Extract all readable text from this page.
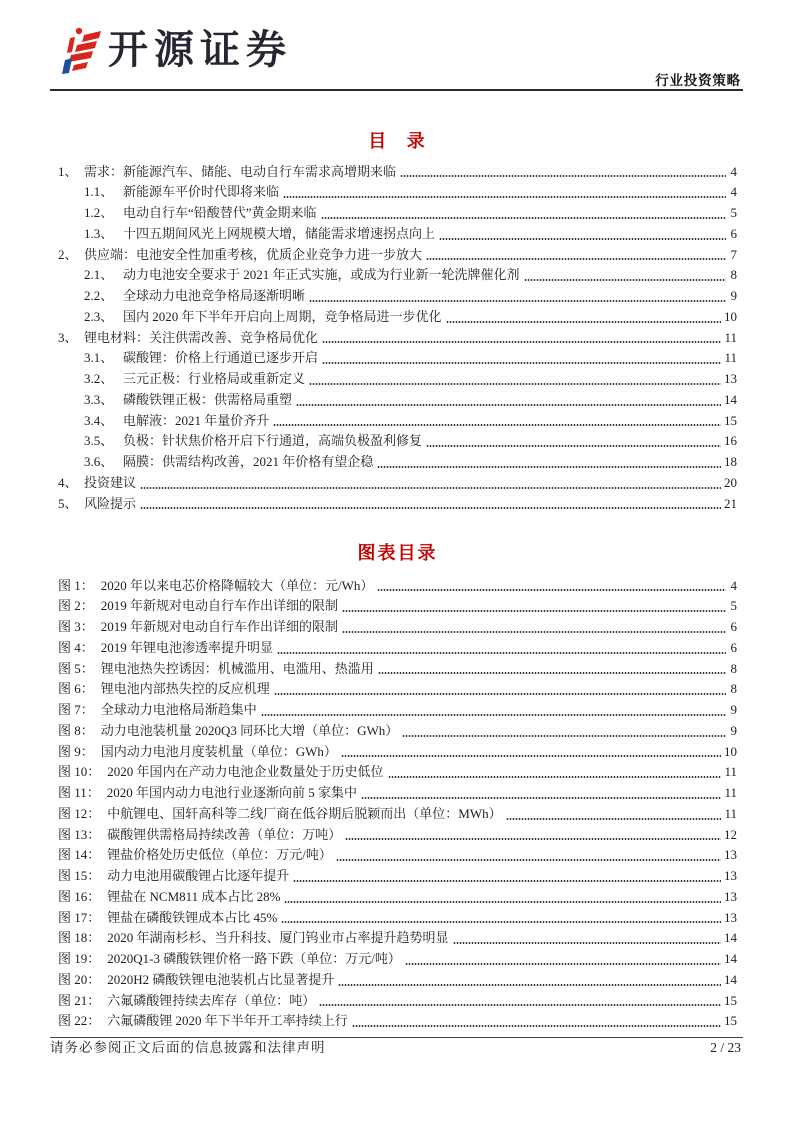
开源证券
行业投资策略
目 录
1、 需求：新能源汽车、储能、电动自行车需求高增期来临	4
1.1、 新能源车平价时代即将来临	4
1.2、 电动自行车“铅酸替代”黄金期来临	5
1.3、 十四五期间风光上网规模大增，储能需求增速拐点向上	6
2、 供应端：电池安全性加重考核，优质企业竞争力进一步放大	7
2.1、 动力电池安全要求于 2021 年正式实施，或成为行业新一轮洗牌催化剂	8
2.2、 全球动力电池竞争格局逐渐明晰	9
2.3、 国内 2020 年下半年开启向上周期，竞争格局进一步优化	10
3、 锂电材料：关注供需改善、竞争格局优化	11
3.1、 碳酸锂：价格上行通道已逐步开启	11
3.2、 三元正极：行业格局或重新定义	13
3.3、 磷酸铁锂正极：供需格局重塑	14
3.4、 电解液：2021 年量价齐升	15
3.5、 负极：针状焦价格开启下行通道，高端负极盈利修复	16
3.6、 隔膜：供需结构改善，2021 年价格有望企稳	18
4、 投资建议	20
5、 风险提示	21
图表目录
图 1： 2020 年以来电芯价格降幅较大（单位：元/Wh）	4
图 2： 2019 年新规对电动自行车作出详细的限制	5
图 3： 2019 年新规对电动自行车作出详细的限制	6
图 4： 2019 年锂电池渗透率提升明显	6
图 5： 锂电池热失控诱因：机械滥用、电滥用、热滥用	8
图 6： 锂电池内部热失控的反应机理	8
图 7： 全球动力电池格局渐趋集中	9
图 8： 动力电池装机量 2020Q3 同环比大增（单位：GWh）	9
图 9： 国内动力电池月度装机量（单位：GWh）	10
图 10： 2020 年国内在产动力电池企业数量处于历史低位	11
图 11： 2020 年国内动力电池行业逐渐向前 5 家集中	11
图 12： 中航锂电、国轩高科等二线厂商在低谷期后脱颖而出（单位：MWh）	11
图 13： 碳酸锂供需格局持续改善（单位：万吨）	12
图 14： 锂盐价格处历史低位（单位：万元/吨）	13
图 15： 动力电池用碳酸锂占比逐年提升	13
图 16： 锂盐在 NCM811 成本占比 28%	13
图 17： 锂盐在磷酸铁锂成本占比 45%	13
图 18： 2020 年湖南杉杉、当升科技、厦门钨业市占率提升趋势明显	14
图 19： 2020Q1-3 磷酸铁锂价格一路下跌（单位：万元/吨）	14
图 20： 2020H2 磷酸铁锂电池装机占比显著提升	14
图 21： 六氟磷酸锂持续去库存（单位：吨）	15
图 22： 六氟磷酸锂 2020 年下半年开工率持续上行	15
请务必参阅正文后面的信息披露和法律声明	2 / 23
